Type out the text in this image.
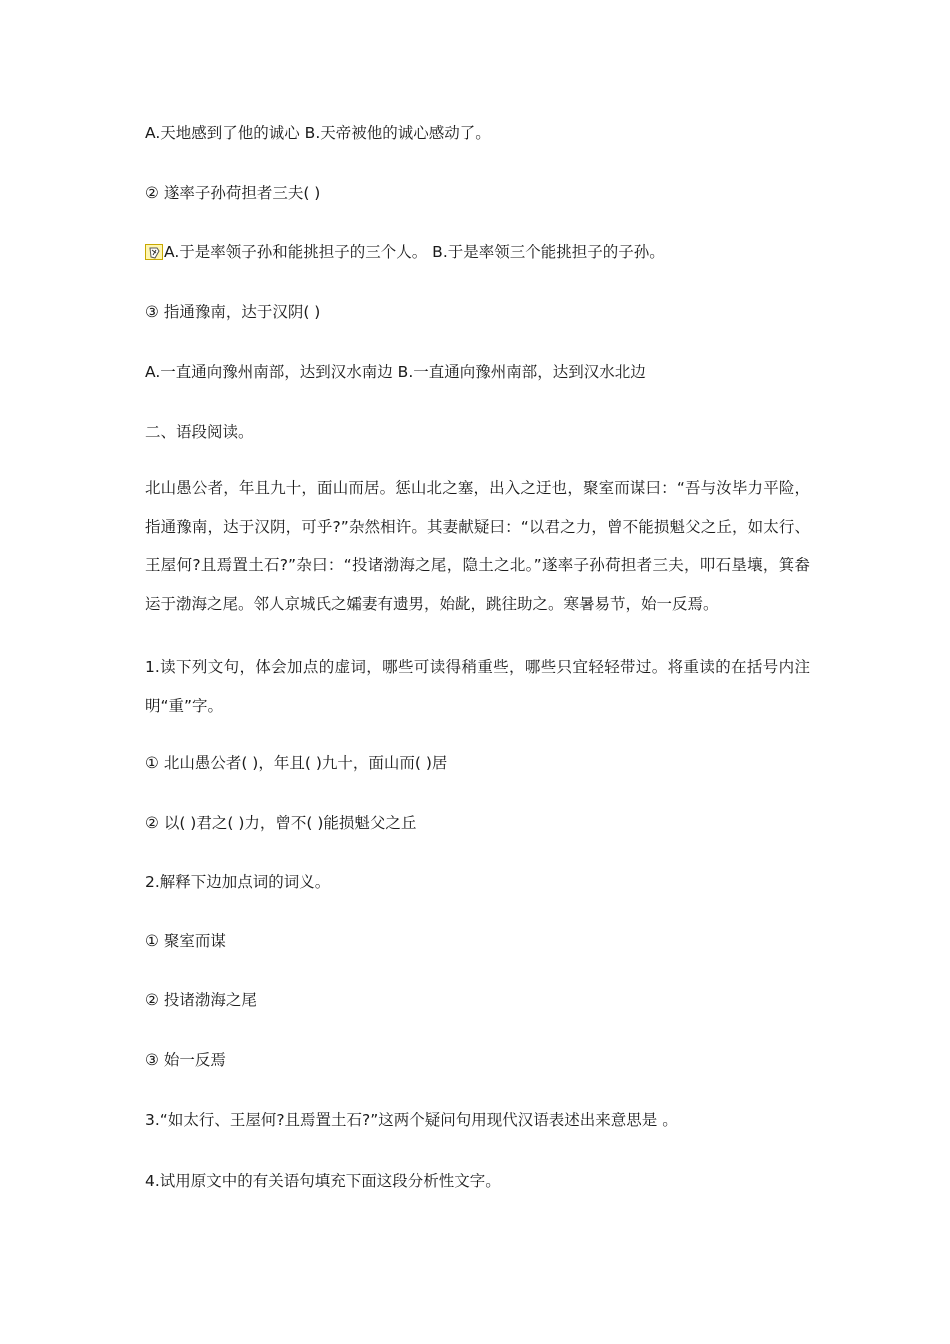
A.天地感到了他的诚心 B.天帝被他的诚心感动了。
② 遂率子孙荷担者三夫( )
A.于是率领子孙和能挑担子的三个人。 B.于是率领三个能挑担子的子孙。
③ 指通豫南，达于汉阴( )
A.一直通向豫州南部，达到汉水南边 B.一直通向豫州南部，达到汉水北边
二、语段阅读。
北山愚公者，年且九十，面山而居。惩山北之塞，出入之迂也，聚室而谋曰：“吾与汝毕力平险，指通豫南，达于汉阴，可乎?”杂然相许。其妻献疑曰：“以君之力，曾不能损魁父之丘，如太行、王屋何?且焉置土石?”杂曰：“投诸渤海之尾，隐土之北。”遂率子孙荷担者三夫，叩石垦壤，箕畚运于渤海之尾。邻人京城氏之孀妻有遗男，始龀，跳往助之。寒暑易节，始一反焉。
1.读下列文句，体会加点的虚词，哪些可读得稍重些，哪些只宜轻轻带过。将重读的在括号内注明“重”字。
① 北山愚公者( )，年且( )九十，面山而( )居
② 以( )君之( )力，曾不( )能损魁父之丘
2.解释下边加点词的词义。
① 聚室而谋
② 投诸渤海之尾
③ 始一反焉
3.“如太行、王屋何?且焉置土石?”这两个疑问句用现代汉语表述出来意思是 。
4.试用原文中的有关语句填充下面这段分析性文字。
